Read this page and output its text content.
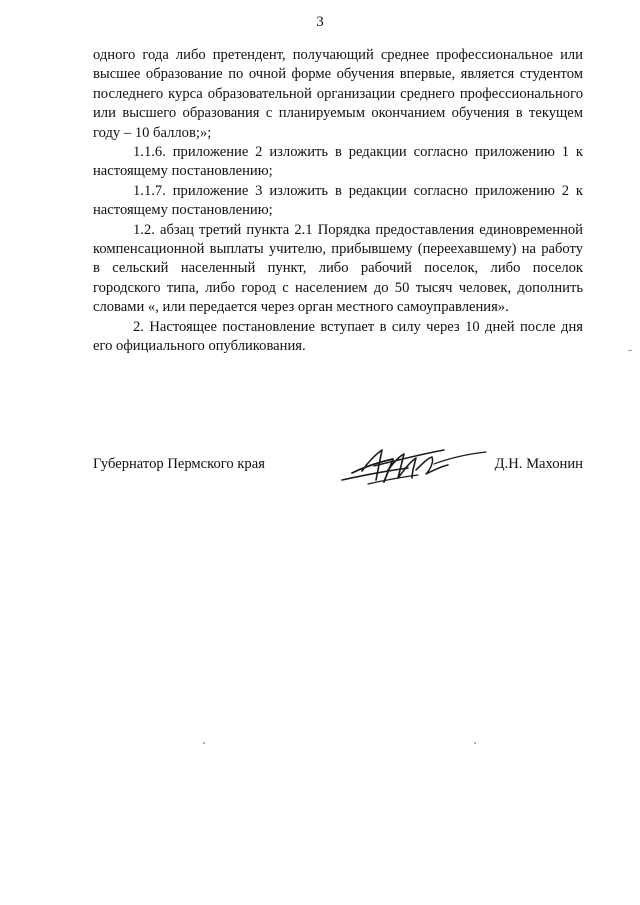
3

одного года либо претендент, получающий среднее профессиональное или высшее образование по очной форме обучения впервые, является студентом последнего курса образовательной организации среднего профессионального или высшего образования с планируемым окончанием обучения в текущем году – 10 баллов;»;

1.1.6. приложение 2 изложить в редакции согласно приложению 1 к настоящему постановлению;

1.1.7. приложение 3 изложить в редакции согласно приложению 2 к настоящему постановлению;

1.2. абзац третий пункта 2.1 Порядка предоставления единовременной компенсационной выплаты учителю, прибывшему (переехавшему) на работу в сельский населенный пункт, либо рабочий поселок, либо поселок городского типа, либо город с населением до 50 тысяч человек, дополнить словами «, или передается через орган местного самоуправления».

2. Настоящее постановление вступает в силу через 10 дней после дня его официального опубликования.

Губернатор Пермского края	Д.Н. Махонин
